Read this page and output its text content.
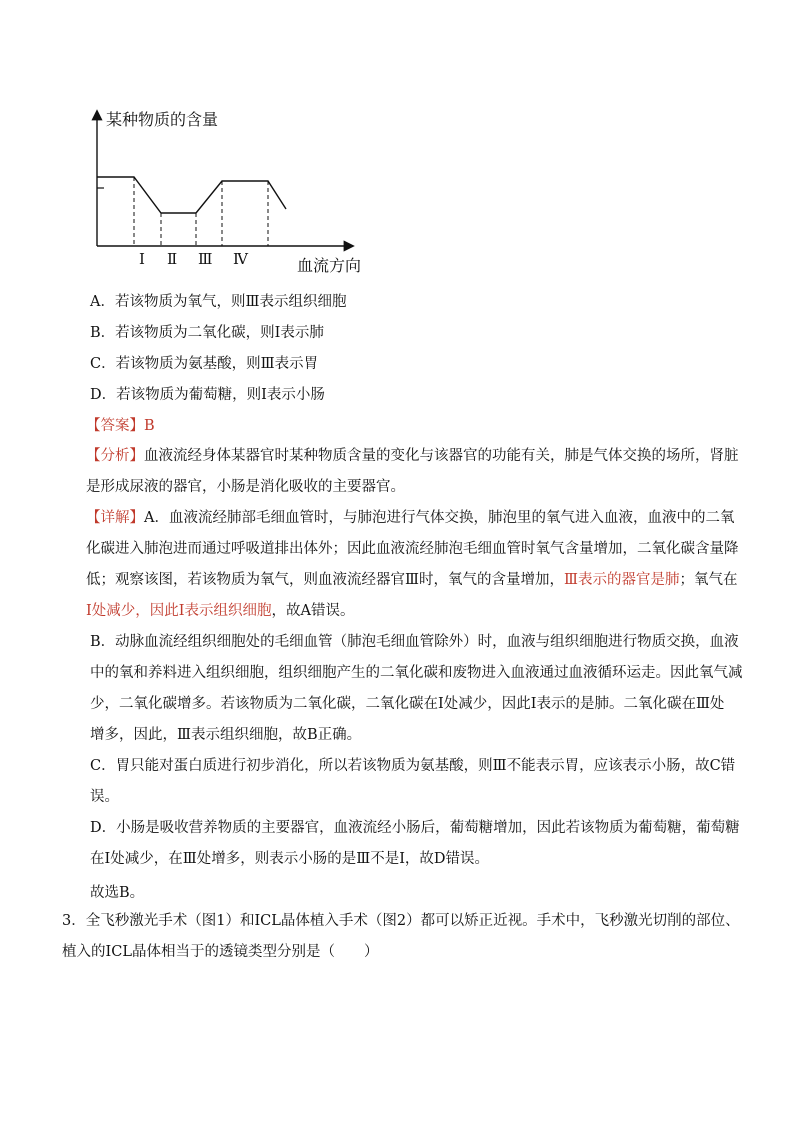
某种物质的含量
Ⅰ Ⅱ Ⅲ Ⅳ	血流方向
A．若该物质为氧气，则Ⅲ表示组织细胞
B．若该物质为二氧化碳，则Ⅰ表示肺
C．若该物质为氨基酸，则Ⅲ表示胃
D．若该物质为葡萄糖，则Ⅰ表示小肠
【答案】B
【分析】血液流经身体某器官时某种物质含量的变化与该器官的功能有关，肺是气体交换的场所，肾脏
是形成尿液的器官，小肠是消化吸收的主要器官。
【详解】A．血液流经肺部毛细血管时，与肺泡进行气体交换，肺泡里的氧气进入血液，血液中的二氧
化碳进入肺泡进而通过呼吸道排出体外；因此血液流经肺泡毛细血管时氧气含量增加，二氧化碳含量降
低；观察该图，若该物质为氧气，则血液流经器官Ⅲ时，氧气的含量增加，Ⅲ表示的器官是肺；氧气在
Ⅰ处减少，因此Ⅰ表示组织细胞，故A错误。
B．动脉血流经组织细胞处的毛细血管（肺泡毛细血管除外）时，血液与组织细胞进行物质交换，血液
中的氧和养料进入组织细胞，组织细胞产生的二氧化碳和废物进入血液通过血液循环运走。因此氧气减
少，二氧化碳增多。若该物质为二氧化碳，二氧化碳在Ⅰ处减少，因此Ⅰ表示的是肺。二氧化碳在Ⅲ处
增多，因此，Ⅲ表示组织细胞，故B正确。
C．胃只能对蛋白质进行初步消化，所以若该物质为氨基酸，则Ⅲ不能表示胃，应该表示小肠，故C错
误。
D．小肠是吸收营养物质的主要器官，血液流经小肠后，葡萄糖增加，因此若该物质为葡萄糖，葡萄糖
在Ⅰ处减少，在Ⅲ处增多，则表示小肠的是Ⅲ不是Ⅰ，故D错误。
故选B。
3．全飞秒激光手术（图1）和ICL晶体植入手术（图2）都可以矫正近视。手术中，飞秒激光切削的部位、
植入的ICL晶体相当于的透镜类型分别是（　　）
